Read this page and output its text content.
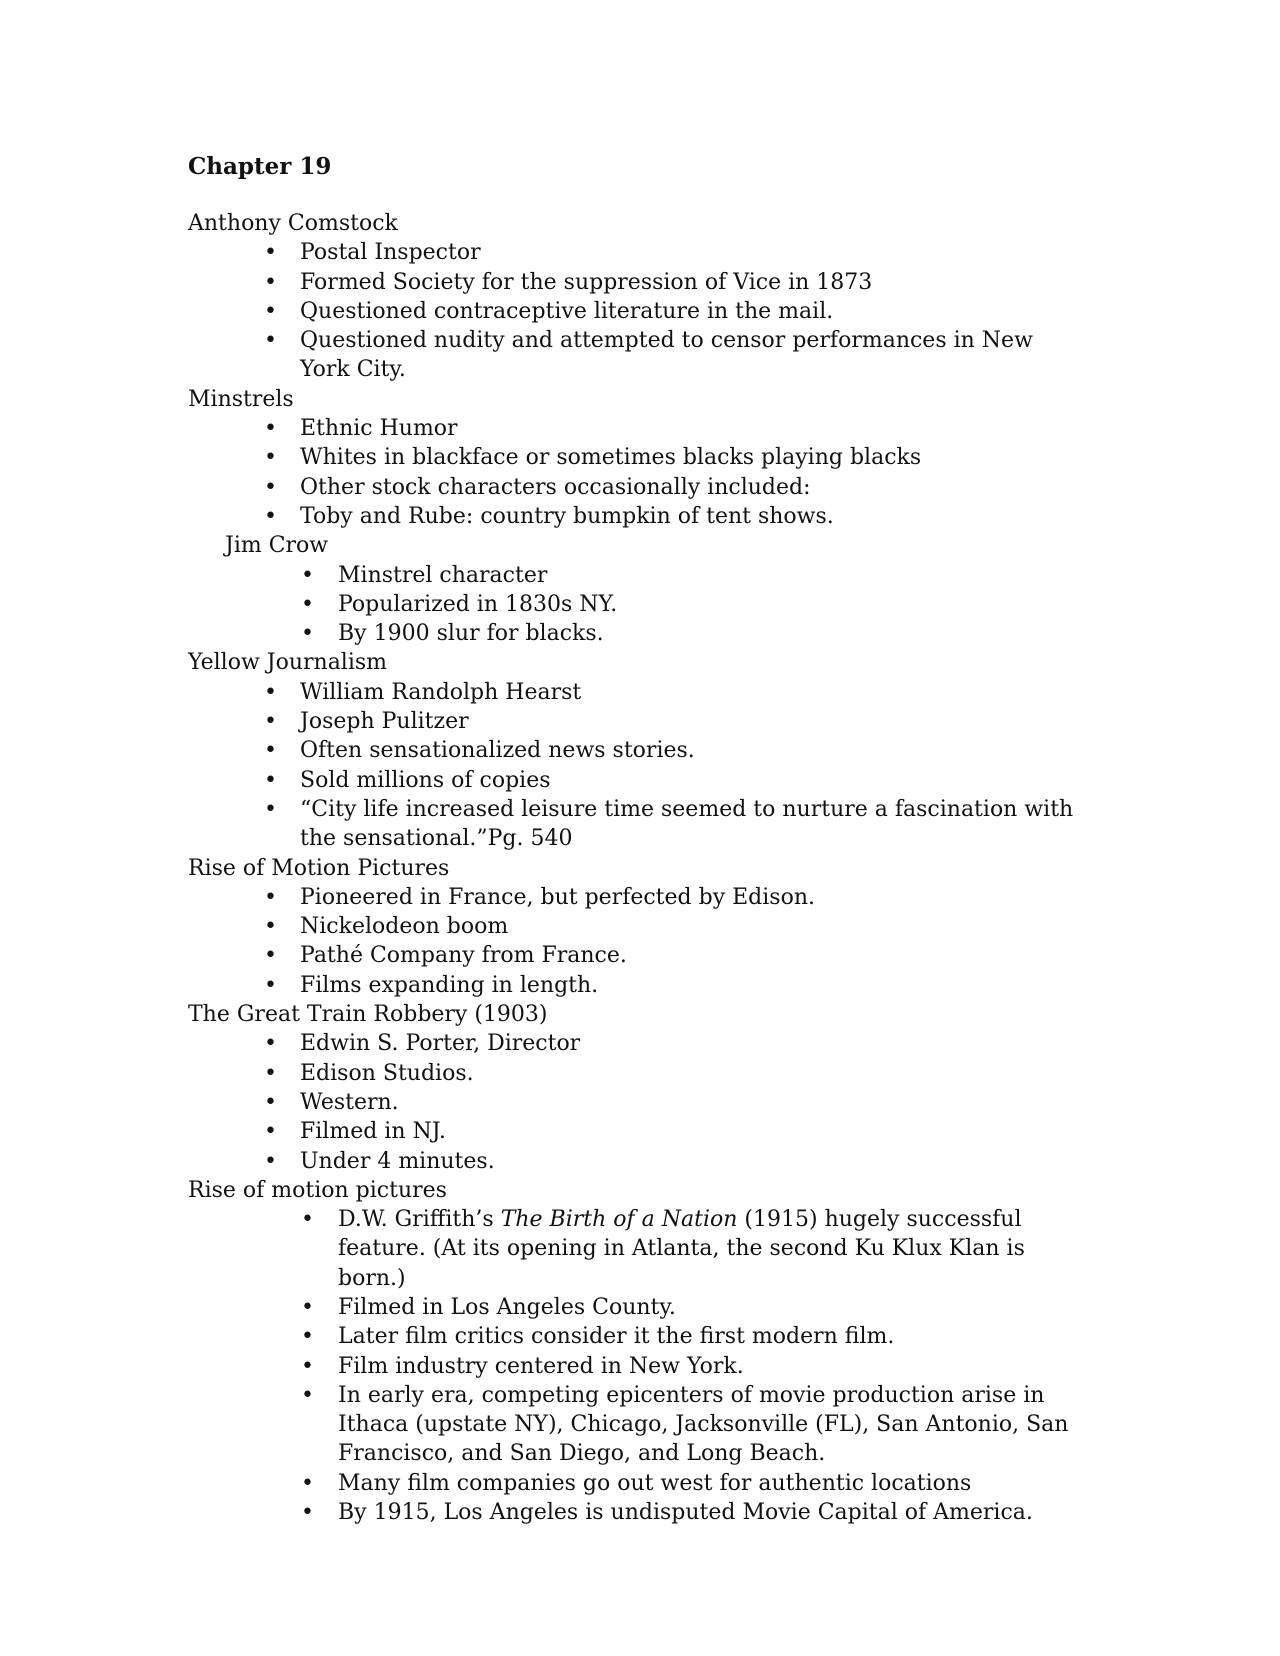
Chapter 19
Anthony Comstock
• Postal Inspector
• Formed Society for the suppression of Vice in 1873
• Questioned contraceptive literature in the mail.
• Questioned nudity and attempted to censor performances in New York City.
Minstrels
• Ethnic Humor
• Whites in blackface or sometimes blacks playing blacks
• Other stock characters occasionally included:
• Toby and Rube: country bumpkin of tent shows.
Jim Crow
• Minstrel character
• Popularized in 1830s NY.
• By 1900 slur for blacks.
Yellow Journalism
• William Randolph Hearst
• Joseph Pulitzer
• Often sensationalized news stories.
• Sold millions of copies
• “City life increased leisure time seemed to nurture a fascination with the sensational.”Pg. 540
Rise of Motion Pictures
• Pioneered in France, but perfected by Edison.
• Nickelodeon boom
• Pathé Company from France.
• Films expanding in length.
The Great Train Robbery (1903)
• Edwin S. Porter, Director
• Edison Studios.
• Western.
• Filmed in NJ.
• Under 4 minutes.
Rise of motion pictures
• D.W. Griffith’s The Birth of a Nation (1915) hugely successful feature. (At its opening in Atlanta, the second Ku Klux Klan is born.)
• Filmed in Los Angeles County.
• Later film critics consider it the first modern film.
• Film industry centered in New York.
• In early era, competing epicenters of movie production arise in Ithaca (upstate NY), Chicago, Jacksonville (FL), San Antonio, San Francisco, and San Diego, and Long Beach.
• Many film companies go out west for authentic locations
• By 1915, Los Angeles is undisputed Movie Capital of America.
